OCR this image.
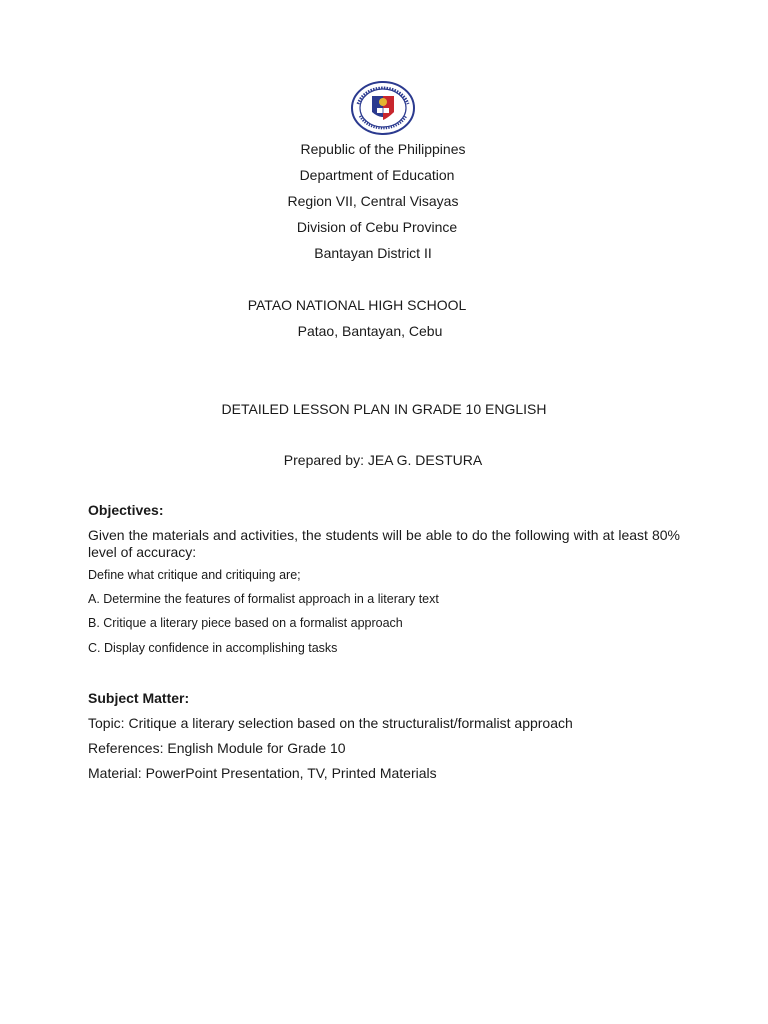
Republic of the Philippines
Department of Education
Region VII, Central Visayas
Division of Cebu Province
Bantayan District II
PATAO NATIONAL HIGH SCHOOL
Patao, Bantayan, Cebu
DETAILED LESSON PLAN IN GRADE 10 ENGLISH
Prepared by: JEA G. DESTURA
Objectives:
Given the materials and activities, the students will be able to do the following with at least 80% level of accuracy:
Define what critique and critiquing are;
A. Determine the features of formalist approach in a literary text
B. Critique a literary piece based on a formalist approach
C. Display confidence in accomplishing tasks
Subject Matter:
Topic: Critique a literary selection based on the structuralist/formalist approach
References: English Module for Grade 10
Material: PowerPoint Presentation, TV, Printed Materials
